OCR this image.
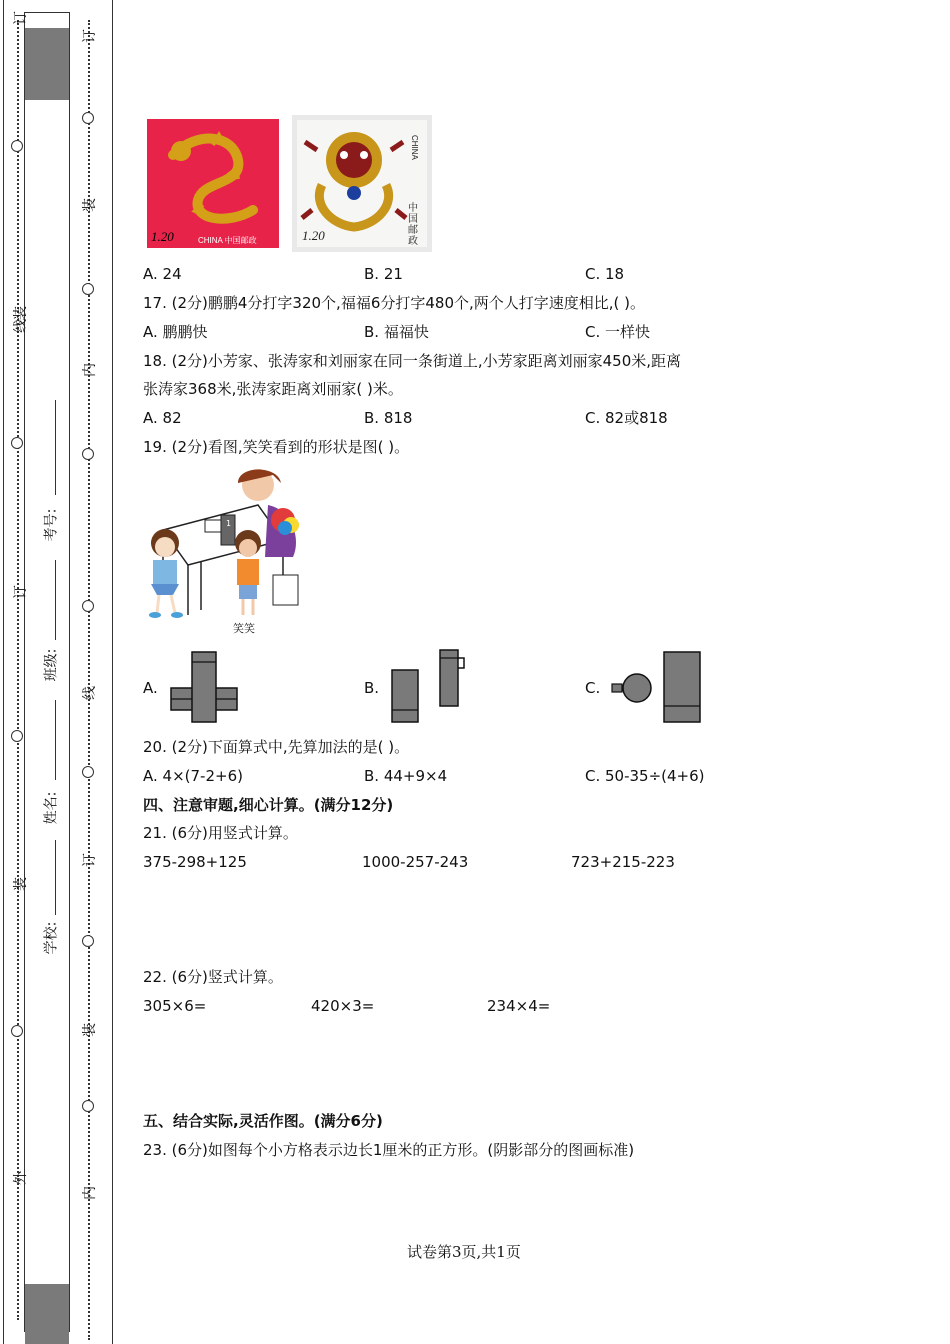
订
装
线
订
装
外
考号:
班级:
姓名:
学校:
订
装
内
线
订
装
内
1.20	CHINA 中国邮政	1.20
CHINA
中国邮政
A. 24	B. 21	C. 18
17. (2分)鹏鹏4分打字320个,福福6分打字480个,两个人打字速度相比,( )。
A. 鹏鹏快	B. 福福快	C. 一样快
18. (2分)小芳家、张涛家和刘丽家在同一条街道上,小芳家距离刘丽家450米,距离
张涛家368米,张涛家距离刘丽家( )米。
A. 82	B. 818	C. 82或818
19. (2分)看图,笑笑看到的形状是图( )。
1
笑笑
A.	B.	C.
20. (2分)下面算式中,先算加法的是( )。
A. 4×(7-2+6)	B. 44+9×4	C. 50-35÷(4+6)
四、注意审题,细心计算。(满分12分)
21. (6分)用竖式计算。
375-298+125	1000-257-243	723+215-223
22. (6分)竖式计算。
305×6=	420×3=	234×4=
五、结合实际,灵活作图。(满分6分)
23. (6分)如图每个小方格表示边长1厘米的正方形。(阴影部分的图画标准)
试卷第3页,共1页
